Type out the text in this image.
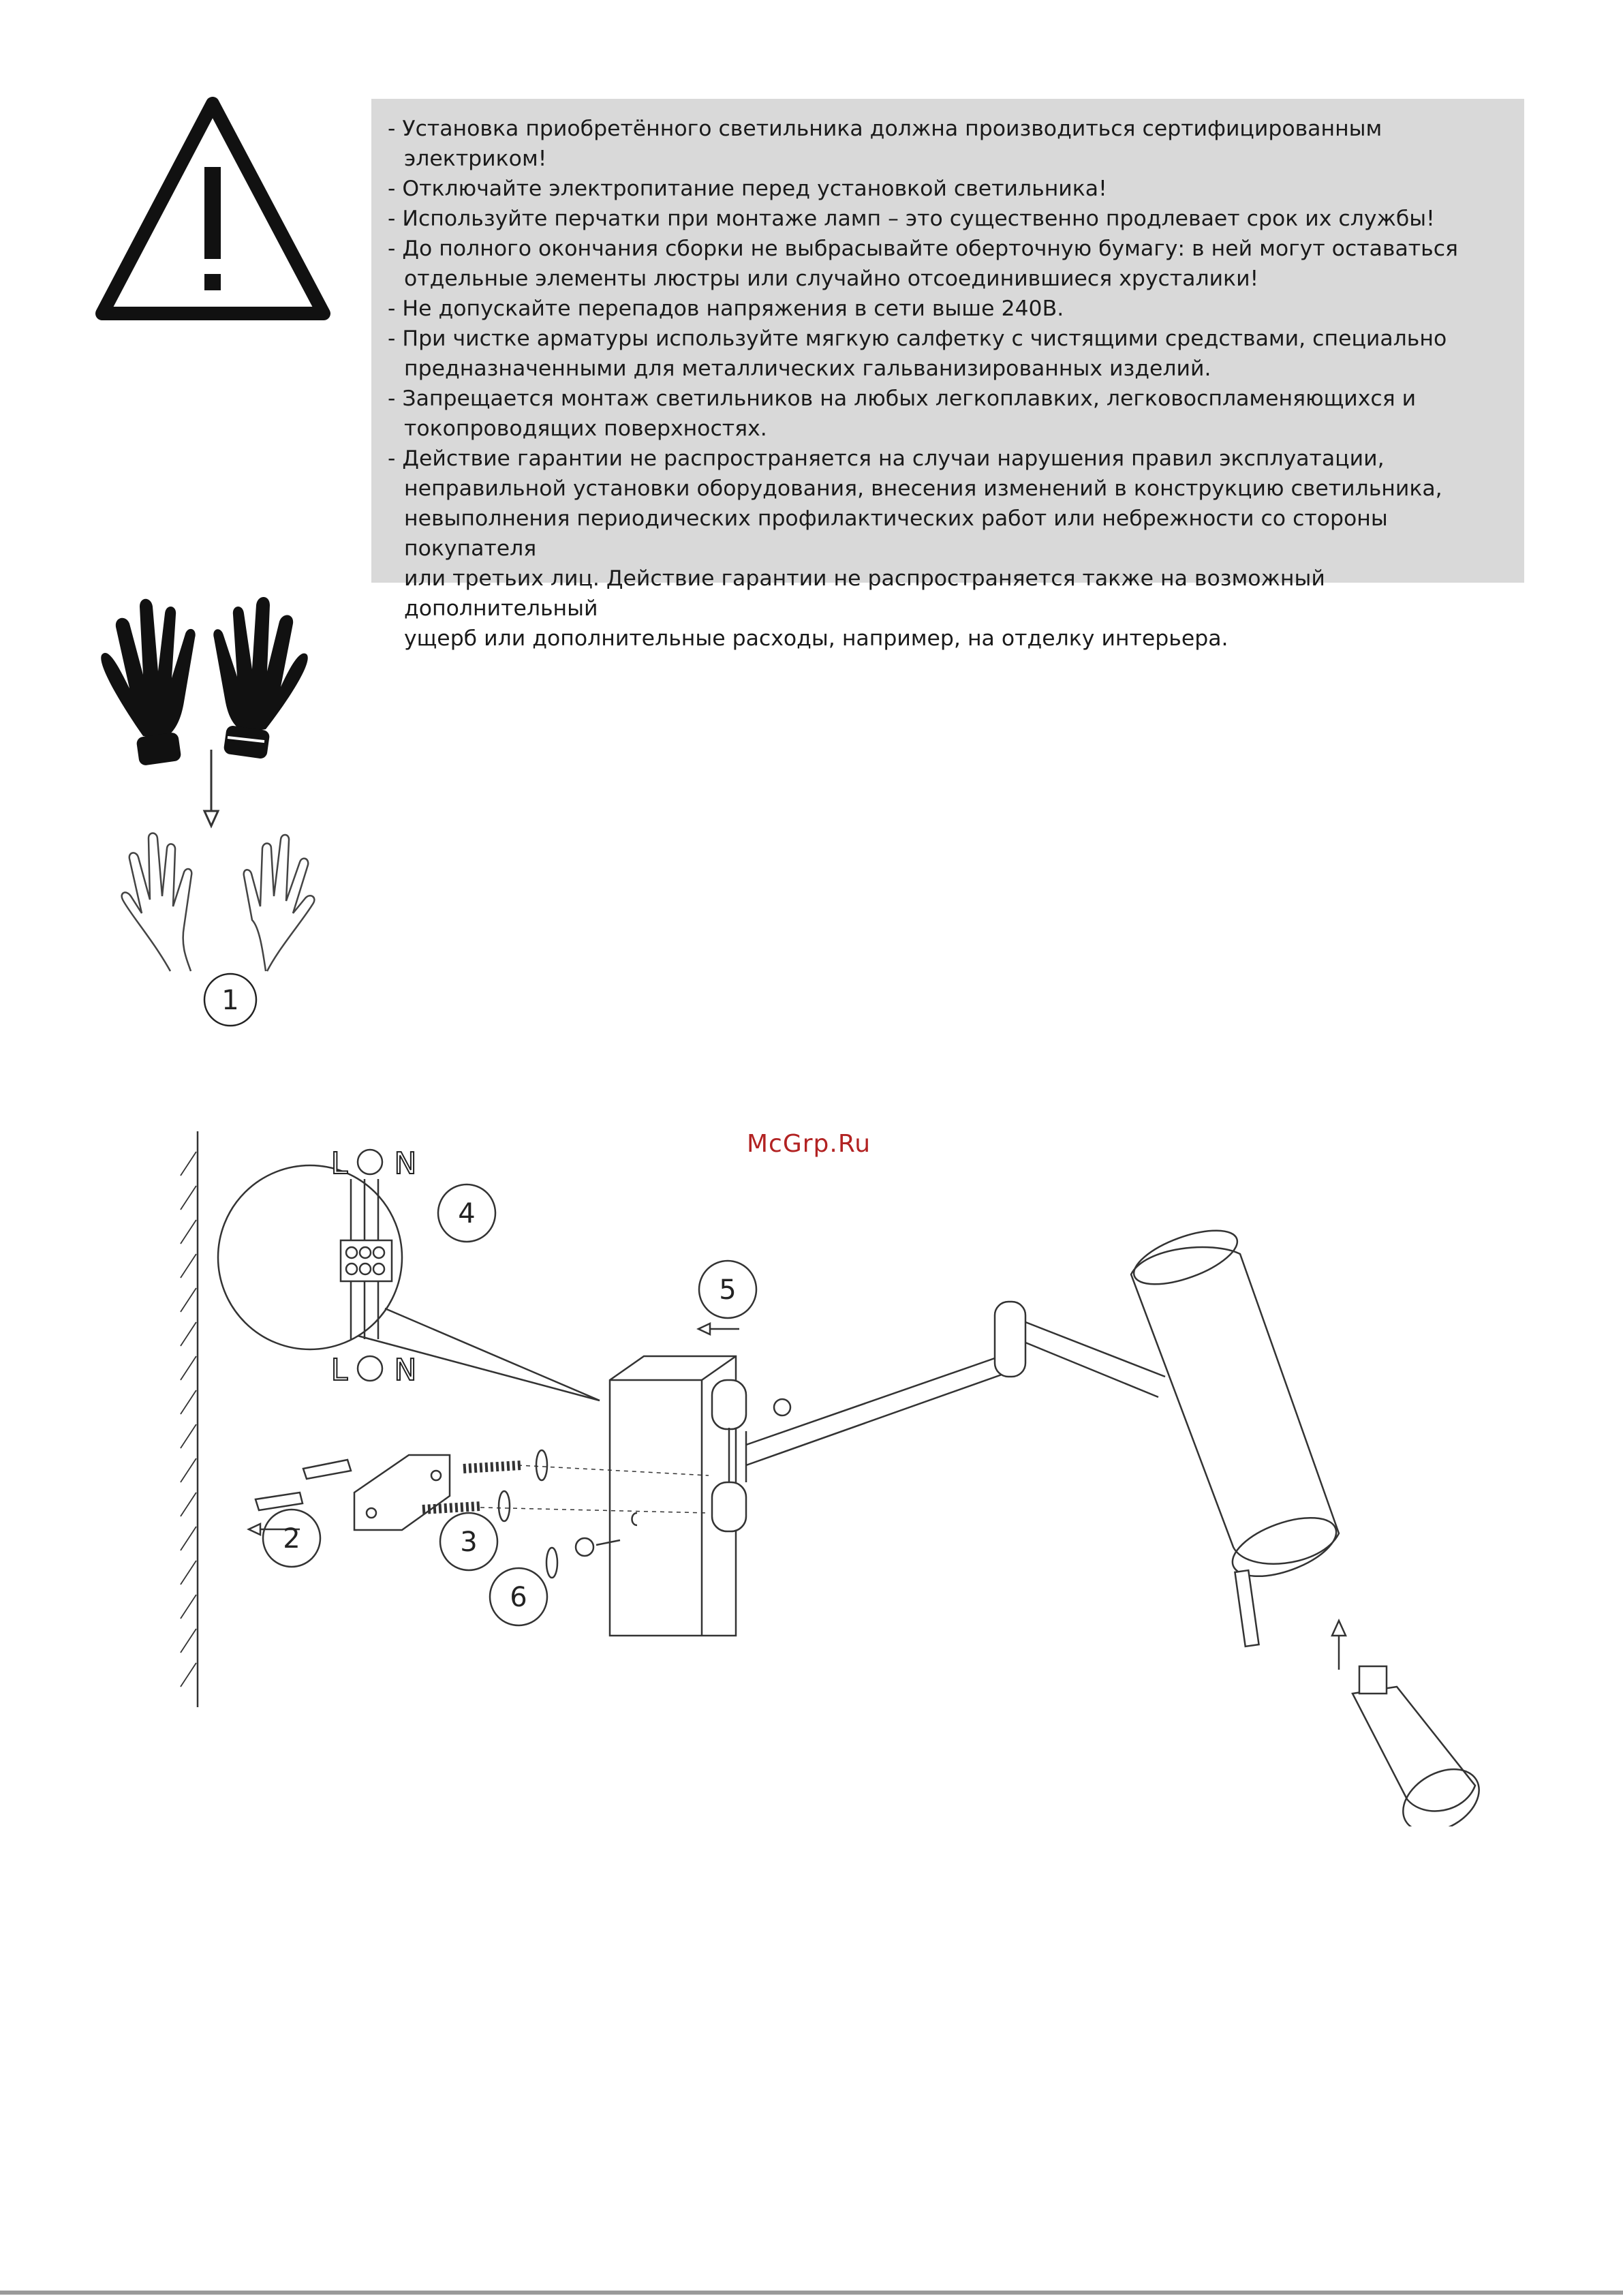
- Установка приобретённого светильника должна производиться сертифицированным электриком!
- Отключайте электропитание перед установкой светильника!
- Используйте перчатки при монтаже ламп – это существенно продлевает срок их службы!
- До полного окончания сборки не выбрасывайте оберточную бумагу: в ней могут оставаться
отдельные элементы люстры или случайно отсоединившиеся хрусталики!
- Не допускайте перепадов напряжения в сети выше 240В.
- При чистке арматуры используйте мягкую салфетку с чистящими средствами, специально
предназначенными для металлических гальванизированных изделий.
- Запрещается монтаж светильников на любых легкоплавких, легковоспламеняющихся и
токопроводящих поверхностях.
- Действие гарантии не распространяется на случаи нарушения правил эксплуатации,
неправильной установки оборудования, внесения изменений в конструкцию светильника,
невыполнения периодических профилактических работ или небрежности со стороны покупателя
или третьих лиц. Действие гарантии не распространяется также на возможный дополнительный
ущерб или дополнительные расходы, например, на отделку интерьера.
1
McGrp.Ru
L N
L N
2	3
4
5
6
